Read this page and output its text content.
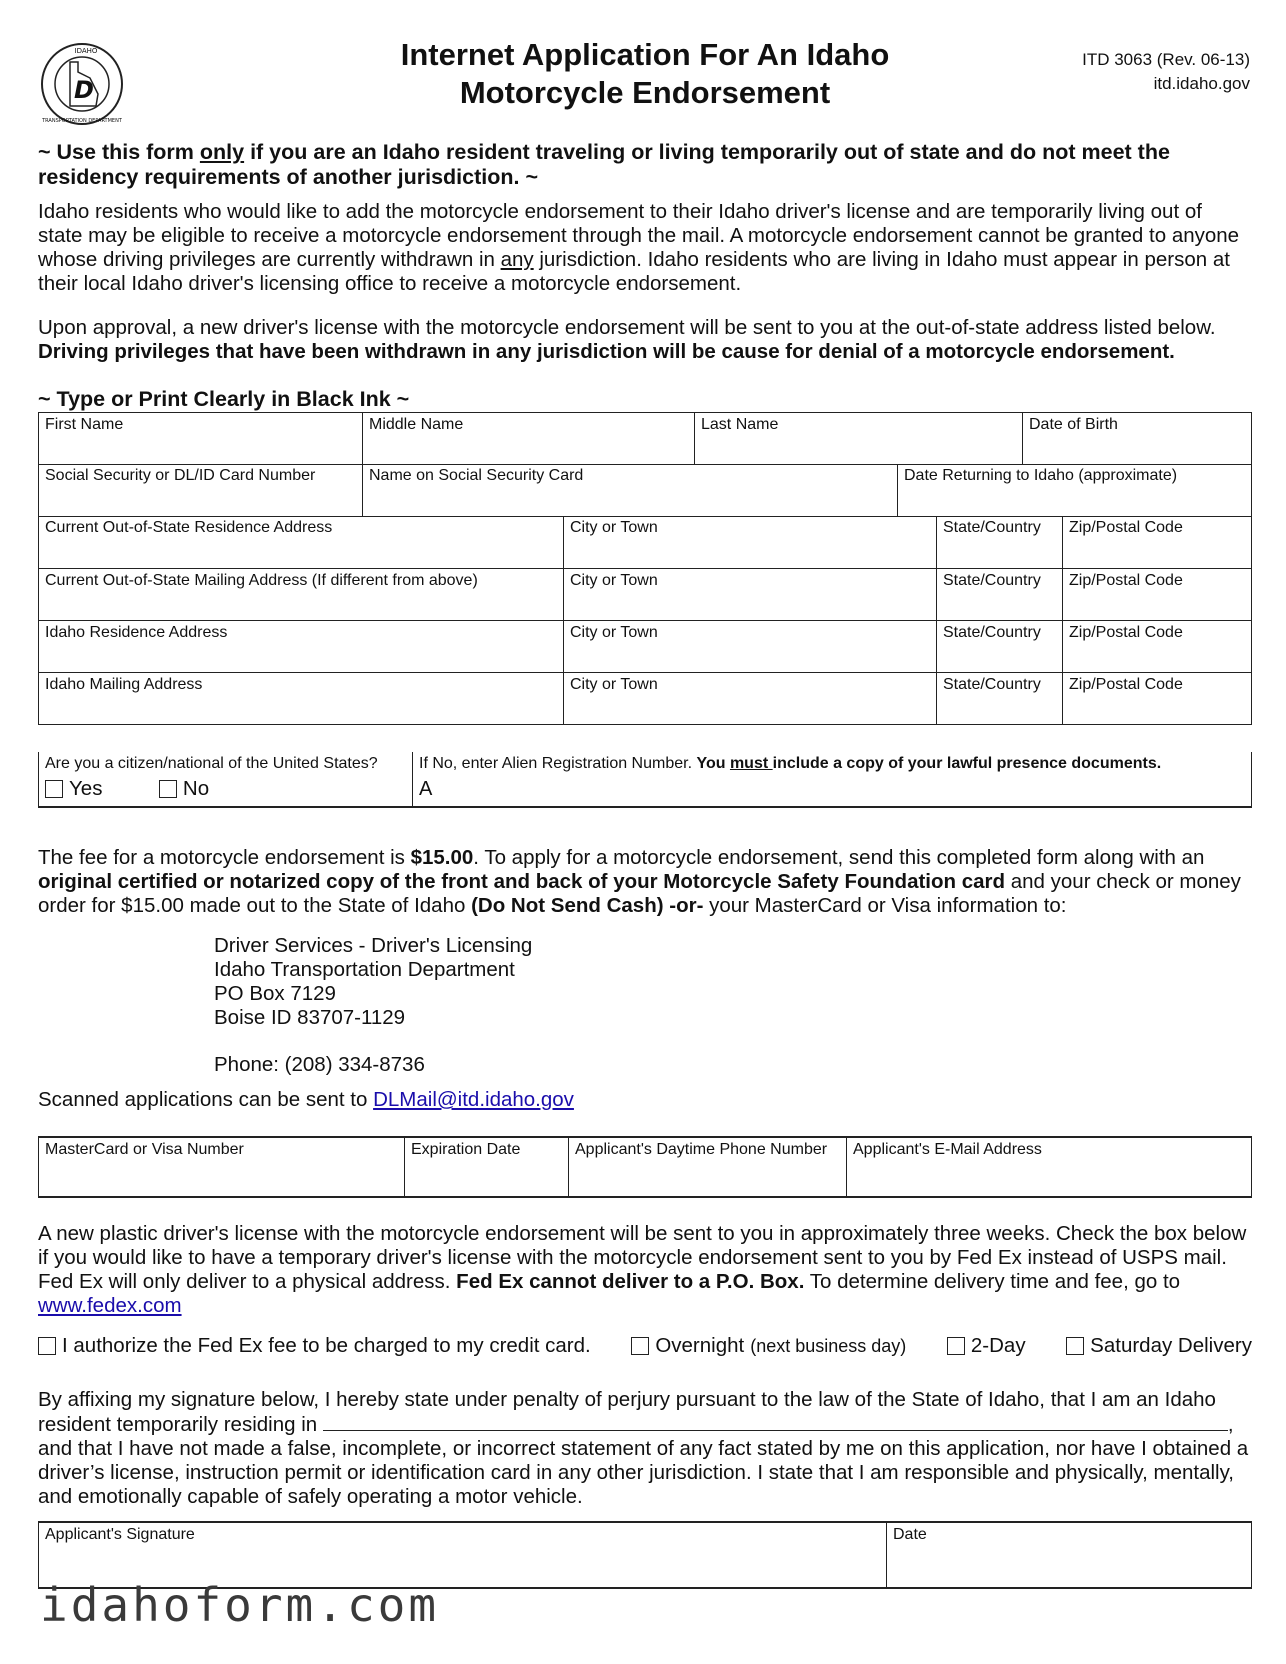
D
IDAHO
TRANSPORTATION DEPARTMENT
Internet Application For An Idaho
Motorcycle Endorsement
ITD 3063 (Rev. 06-13)
itd.idaho.gov
~ Use this form only if you are an Idaho resident traveling or living temporarily out of state and do not meet the residency requirements of another jurisdiction. ~
Idaho residents who would like to add the motorcycle endorsement to their Idaho driver's license and are temporarily living out of state may be eligible to receive a motorcycle endorsement through the mail. A motorcycle endorsement cannot be granted to anyone whose driving privileges are currently withdrawn in any jurisdiction. Idaho residents who are living in Idaho must appear in person at their local Idaho driver's licensing office to receive a motorcycle endorsement.
Upon approval, a new driver's license with the motorcycle endorsement will be sent to you at the out-of-state address listed below. Driving privileges that have been withdrawn in any jurisdiction will be cause for denial of a motorcycle endorsement.
~ Type or Print Clearly in Black Ink ~
First Name	Middle Name	Last Name	Date of Birth
Social Security or DL/ID Card Number	Name on Social Security Card	Date Returning to Idaho (approximate)
Current Out-of-State Residence Address	City or Town	State/Country	Zip/Postal Code
Current Out-of-State Mailing Address (If different from above)	City or Town	State/Country	Zip/Postal Code
Idaho Residence Address	City or Town	State/Country	Zip/Postal Code
Idaho Mailing Address	City or Town	State/Country	Zip/Postal Code
Are you a citizen/national of the United States?
Yes
	No

If No, enter Alien Registration Number. You must include a copy of your lawful presence documents.
A
The fee for a motorcycle endorsement is $15.00. To apply for a motorcycle endorsement, send this completed form along with an original certified or notarized copy of the front and back of your Motorcycle Safety Foundation card and your check or money order for $15.00 made out to the State of Idaho (Do Not Send Cash) -or- your MasterCard or Visa information to:
Driver Services - Driver's Licensing
Idaho Transportation Department
PO Box 7129
Boise ID 83707-1129
Phone: (208) 334-8736
Scanned applications can be sent to DLMail@itd.idaho.gov
MasterCard or Visa Number	Expiration Date	Applicant's Daytime Phone Number	Applicant's E-Mail Address
A new plastic driver's license with the motorcycle endorsement will be sent to you in approximately three weeks. Check the box below if you would like to have a temporary driver's license with the motorcycle endorsement sent to you by Fed Ex instead of USPS mail. Fed Ex will only deliver to a physical address. Fed Ex cannot deliver to a P.O. Box. To determine delivery time and fee, go to www.fedex.com
I authorize the Fed Ex fee to be charged to my credit card.	Overnight (next business day)	2-Day	Saturday Delivery
By affixing my signature below, I hereby state under penalty of perjury pursuant to the law of the State of Idaho, that I am an Idaho resident temporarily residing in	, and that I have not made a false, incomplete, or incorrect statement of any fact stated by me on this application, nor have I obtained a driver’s license, instruction permit or identification card in any other jurisdiction. I state that I am responsible and physically, mentally, and emotionally capable of safely operating a motor vehicle.
Applicant's Signature	Date
idahoform.com
